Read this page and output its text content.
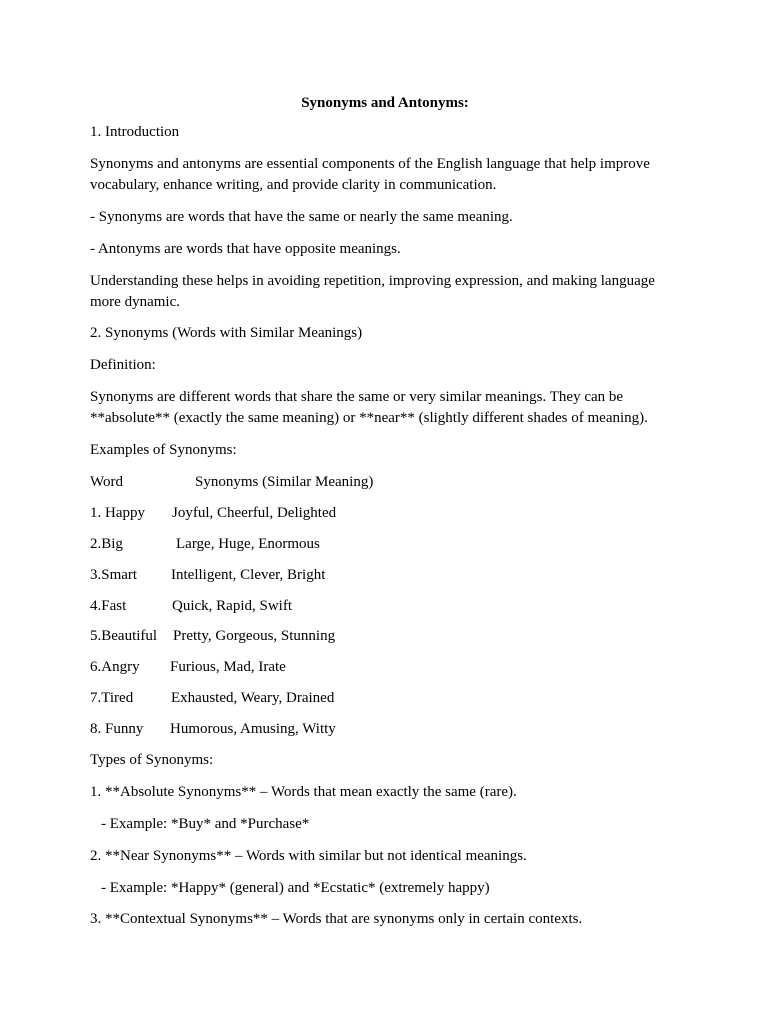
Synonyms and Antonyms:

1. Introduction

Synonyms and antonyms are essential components of the English language that help improve vocabulary, enhance writing, and provide clarity in communication.

- Synonyms are words that have the same or nearly the same meaning.

- Antonyms are words that have opposite meanings.

Understanding these helps in avoiding repetition, improving expression, and making language more dynamic.

2. Synonyms (Words with Similar Meanings)

Definition:

Synonyms are different words that share the same or very similar meanings. They can be **absolute** (exactly the same meaning) or **near** (slightly different shades of meaning).

Examples of Synonyms:

Word	Synonyms (Similar Meaning)
1. Happy Joyful, Cheerful, Delighted
2.Big	Large, Huge, Enormous
3.Smart Intelligent, Clever, Bright
4.Fast	Quick, Rapid, Swift
5.Beautiful Pretty, Gorgeous, Stunning
6.Angry Furious, Mad, Irate
7.Tired	Exhausted, Weary, Drained
8. Funny Humorous, Amusing, Witty

Types of Synonyms:

1. **Absolute Synonyms** – Words that mean exactly the same (rare).

- Example: *Buy* and *Purchase*

2. **Near Synonyms** – Words with similar but not identical meanings.

- Example: *Happy* (general) and *Ecstatic* (extremely happy)

3. **Contextual Synonyms** – Words that are synonyms only in certain contexts.
